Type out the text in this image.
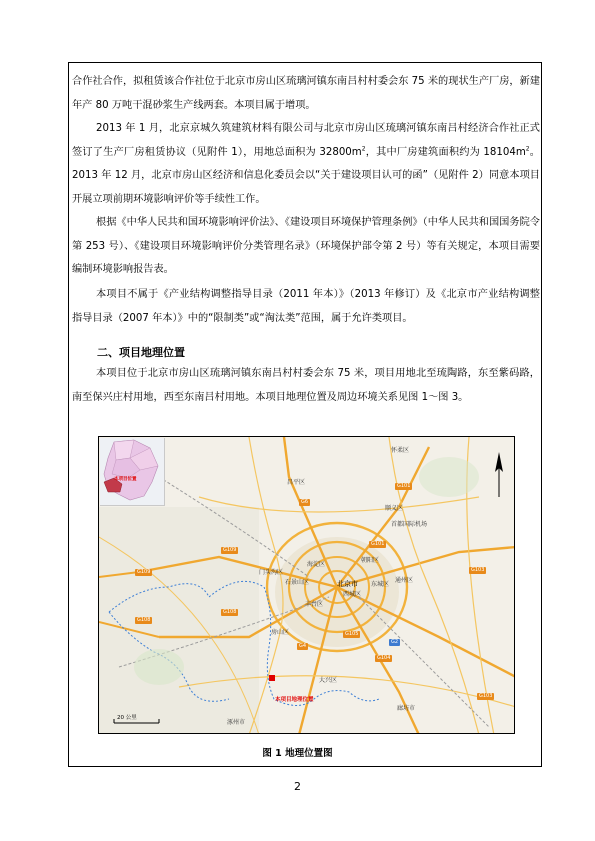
合作社合作，拟租赁该合作社位于北京市房山区琉璃河镇东南吕村村委会东 75 米的现状生产厂房，新建年产 80 万吨干混砂浆生产线两套。本项目属于增项。
2013 年 1 月，北京京城久筑建筑材料有限公司与北京市房山区琉璃河镇东南吕村经济合作社正式签订了生产厂房租赁协议（见附件 1），用地总面积为 $32800m^2$，其中厂房建筑面积约为 $18104m^2$。2013 年 12 月，北京市房山区经济和信息化委员会以“关于建设项目认可的函”（见附件 2）同意本项目开展立项前期环境影响评价等手续性工作。
根据《中华人民共和国环境影响评价法》、《建设项目环境保护管理条例》（中华人民共和国国务院令第 253 号）、《建设项目环境影响评价分类管理名录》（环境保护部令第 2 号）等有关规定，本项目需要编制环境影响报告表。
本项目不属于《产业结构调整指导目录（2011 年本）》（2013 年修订）及《北京市产业结构调整指导目录（2007 年本）》中的“限制类”或“淘汰类”范围，属于允许类项目。
二、项目地理位置
本项目位于北京市房山区琉璃河镇东南吕村村委会东 75 米，项目用地北至琉陶路，东至紫码路，南至保兴庄村用地，西至东南吕村用地。本项目地理位置及周边环境关系见图 1～图 3。
本项目位置
怀柔区
昌平区
顺义区
首都国际机场
海淀区
朝阳区
门头沟区
石景山区	北京市 东城区
西城区
丰台区
通州区
房山区
大兴区
涿州市
廊坊市
本项目地理位置
20 公里
G6
G101
G101
G103
G109
G109
G108
G108
G4
G2
G104
G105
G103
图 1 地理位置图
2
